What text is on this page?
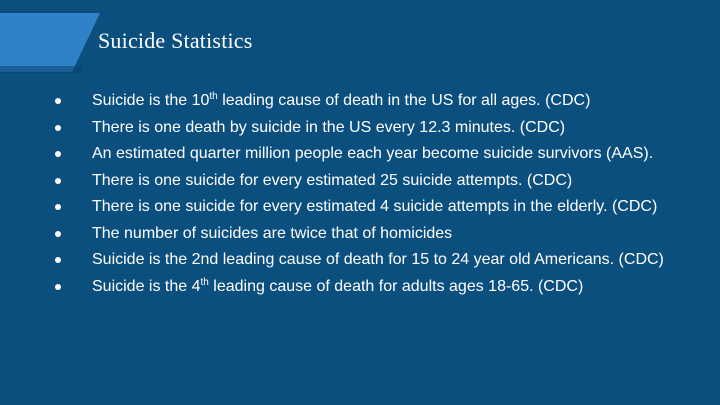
Suicide Statistics
Suicide is the 10th leading cause of death in the US for all ages. (CDC)
There is one death by suicide in the US every 12.3 minutes. (CDC)
An estimated quarter million people each year become suicide survivors (AAS).
There is one suicide for every estimated 25 suicide attempts. (CDC)
There is one suicide for every estimated 4 suicide attempts in the elderly. (CDC)
The number of suicides are twice that of homicides
Suicide is the 2nd leading cause of death for 15 to 24 year old Americans. (CDC)
Suicide is the 4th leading cause of death for adults ages 18-65. (CDC)
